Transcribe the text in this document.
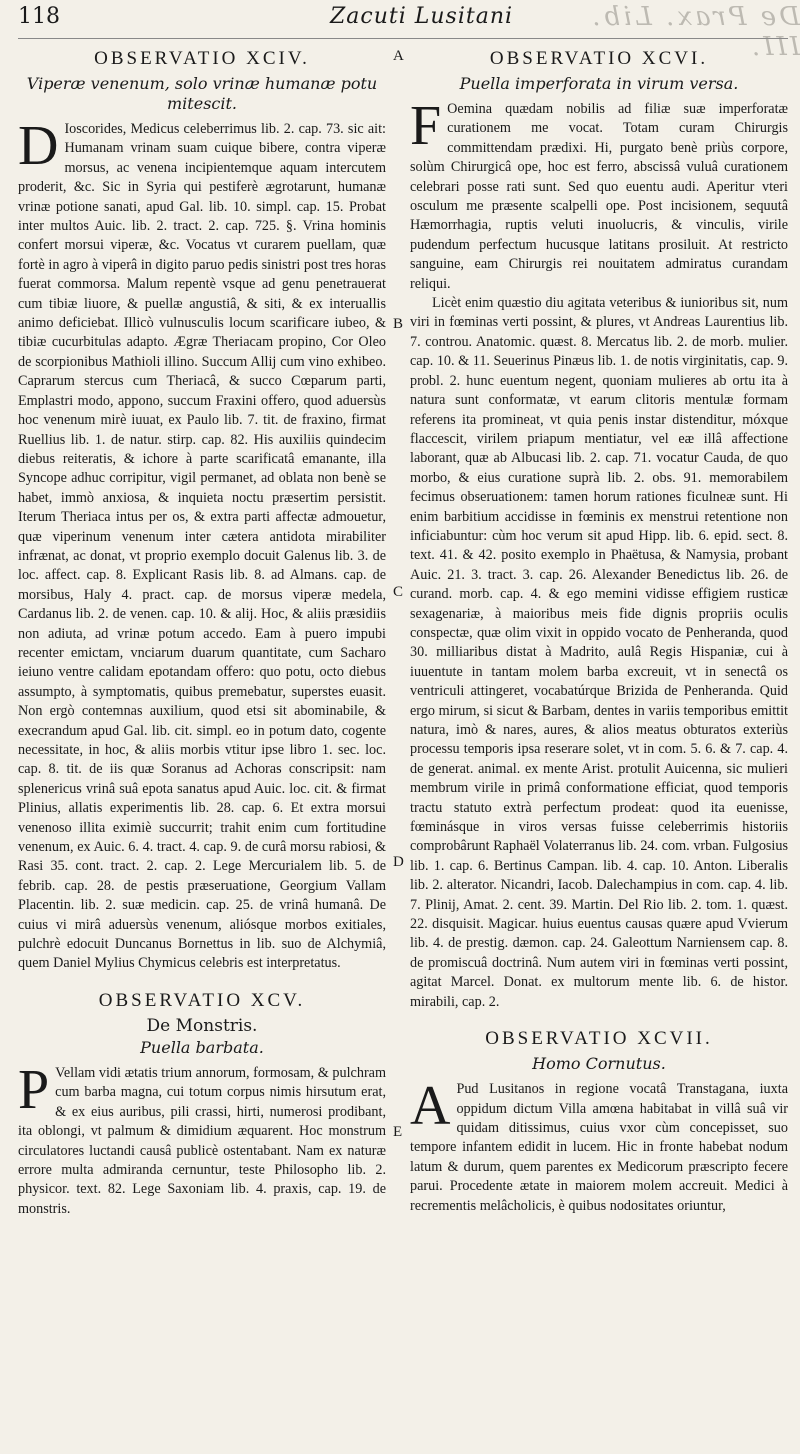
118	Zacuti Lusitani	De Prax. Lib. III.
A
B
C
D
E
OBSERVATIO XCIV.
Viperæ venenum, solo vrinæ humanæ potu mitescit.

D Ioscorides, Medicus celeberrimus lib. 2. cap. 73. sic ait: Humanam vrinam suam cuique bibere, contra viperæ morsus, ac venena incipientemque aquam intercutem proderit, &c. Sic in Syria qui pestiferè ægrotarunt, humanæ vrinæ potione sanati, apud Gal. lib. 10. simpl. cap. 15. Probat inter multos Auic. lib. 2. tract. 2. cap. 725. §. Vrina hominis confert morsui viperæ, &c. Vocatus vt curarem puellam, quæ fortè in agro à viperâ in digito paruo pedis sinistri post tres horas fuerat commorsa. Malum repentè vsque ad genu penetrauerat cum tibiæ liuore, & puellæ angustiâ, & siti, & ex interuallis animo deficiebat. Illicò vulnusculis locum scarificare iubeo, & tibiæ cucurbitulas adapto. Ægræ Theriacam propino, Cor Oleo de scorpionibus Mathioli illino. Succum Allij cum vino exhibeo. Caprarum stercus cum Theriacâ, & succo Cœparum parti, Emplastri modo, appono, succum Fraxini offero, quod aduersùs hoc venenum mirè iuuat, ex Paulo lib. 7. tit. de fraxino, firmat Ruellius lib. 1. de natur. stirp. cap. 82. His auxiliis quindecim diebus reiteratis, & ichore à parte scarificatâ emanante, illa Syncope adhuc corripitur, vigil permanet, ad oblata non benè se habet, immò anxiosa, & inquieta noctu præsertim persistit. Iterum Theriaca intus per os, & extra parti affectæ admouetur, quæ viperinum venenum inter cætera antidota mirabiliter infrænat, ac donat, vt proprio exemplo docuit Galenus lib. 3. de loc. affect. cap. 8. Explicant Rasis lib. 8. ad Almans. cap. de morsibus, Haly 4. pract. cap. de morsus viperæ medela, Cardanus lib. 2. de venen. cap. 10. & alij. Hoc, & aliis præsidiis non adiuta, ad vrinæ potum accedo. Eam à puero impubi recenter emictam, vnciarum duarum quantitate, cum Sacharo ieiuno ventre calidam epotandam offero: quo potu, octo diebus assumpto, à symptomatis, quibus premebatur, superstes euasit. Non ergò contemnas auxilium, quod etsi sit abominabile, & execrandum apud Gal. lib. cit. simpl. eo in potum dato, cogente necessitate, in hoc, & aliis morbis vtitur ipse libro 1. sec. loc. cap. 8. tit. de iis quæ Soranus ad Achoras conscripsit: nam splenericus vrinâ suâ epota sanatus apud Auic. loc. cit. & firmat Plinius, allatis experimentis lib. 28. cap. 6. Et extra morsui venenoso illita eximiè succurrit; trahit enim cum fortitudine venenum, ex Auic. 6. 4. tract. 4. cap. 9. de curâ morsu rabiosi, & Rasi 35. cont. tract. 2. cap. 2. Lege Mercurialem lib. 5. de febrib. cap. 28. de pestis præseruatione, Georgium Vallam Placentin. lib. 2. suæ medicin. cap. 25. de vrinâ humanâ. De cuius vi mirâ aduersùs venenum, aliósque morbos exitiales, pulchrè edocuit Duncanus Bornettus in lib. suo de Alchymiâ, quem Daniel Mylius Chymicus celebris est interpretatus.

OBSERVATIO XCV.
De Monstris.
Puella barbata.

P Vellam vidi ætatis trium annorum, formosam, & pulchram cum barba magna, cui totum corpus nimis hirsutum erat, & ex eius auribus, pili crassi, hirti, numerosi prodibant, ita oblongi, vt palmum & dimidium æquarent. Hoc monstrum circulatores luctandi causâ publicè ostentabant. Nam ex naturæ errore multa admiranda cernuntur, teste Philosopho lib. 2. physicor. text. 82. Lege Saxoniam lib. 4. praxis, cap. 19. de monstris.

OBSERVATIO XCVI.
Puella imperforata in virum versa.

F Oemina quædam nobilis ad filiæ suæ imperforatæ curationem me vocat. Totam curam Chirurgis committendam prædixi. Hi, purgato benè priùs corpore, solùm Chirurgicâ ope, hoc est ferro, abscissâ vuluâ curationem celebrari posse rati sunt. Sed quo euentu audi. Aperitur vteri osculum me præsente scalpelli ope. Post incisionem, sequutâ Hæmorrhagia, ruptis veluti inuolucris, & vinculis, virile pudendum perfectum hucusque latitans prosiluit. At restricto sanguine, eam Chirurgis rei nouitatem admiratus curandam reliqui.

Licèt enim quæstio diu agitata veteribus & iunioribus sit, num viri in fœminas verti possint, & plures, vt Andreas Laurentius lib. 7. controu. Anatomic. quæst. 8. Mercatus lib. 2. de morb. mulier. cap. 10. & 11. Seuerinus Pinæus lib. 1. de notis virginitatis, cap. 9. probl. 2. hunc euentum negent, quoniam mulieres ab ortu ita à natura sunt conformatæ, vt earum clitoris mentulæ formam referens ita promineat, vt quia penis instar distenditur, móxque flaccescit, virilem priapum mentiatur, vel eæ illâ affectione laborant, quæ ab Albucasi lib. 2. cap. 71. vocatur Cauda, de quo morbo, & eius curatione suprà lib. 2. obs. 91. memorabilem fecimus obseruationem: tamen horum rationes ficulneæ sunt. Hi enim barbitium accidisse in fœminis ex menstrui retentione non inficiabuntur: cùm hoc verum sit apud Hipp. lib. 6. epid. sect. 8. text. 41. & 42. posito exemplo in Phaëtusa, & Namysia, probant Auic. 21. 3. tract. 3. cap. 26. Alexander Benedictus lib. 26. de curand. morb. cap. 4. & ego memini vidisse effigiem rusticæ sexagenariæ, à maioribus meis fide dignis propriis oculis conspectæ, quæ olim vixit in oppido vocato de Penheranda, quod 30. milliaribus distat à Madrito, aulâ Regis Hispaniæ, cui à iuuentute in tantam molem barba excreuit, vt in senectâ os ventriculi attingeret, vocabatúrque Brizida de Penheranda. Quid ergo mirum, si sicut & Barbam, dentes in variis temporibus emittit natura, imò & nares, aures, & alios meatus obturatos exteriùs processu temporis ipsa reserare solet, vt in com. 5. 6. & 7. cap. 4. de generat. animal. ex mente Arist. protulit Auicenna, sic mulieri membrum virile in primâ conformatione efficiat, quod temporis tractu statuto extrà perfectum prodeat: quod ita euenisse, fœminásque in viros versas fuisse celeberrimis historiis comprobârunt Raphaël Volaterranus lib. 24. com. vrban. Fulgosius lib. 1. cap. 6. Bertinus Campan. lib. 4. cap. 10. Anton. Liberalis lib. 2. alterator. Nicandri, Iacob. Dalechampius in com. cap. 4. lib. 7. Plinij, Amat. 2. cent. 39. Martin. Del Rio lib. 2. tom. 1. quæst. 22. disquisit. Magicar. huius euentus causas quære apud Vvierum lib. 4. de prestig. dæmon. cap. 24. Galeottum Narniensem cap. 8. de promiscuâ doctrinâ. Num autem viri in fœminas verti possint, agitat Marcel. Donat. ex multorum mente lib. 6. de histor. mirabili, cap. 2.

OBSERVATIO XCVII.
Homo Cornutus.

A Pud Lusitanos in regione vocatâ Transtagana, iuxta oppidum dictum Villa amœna habitabat in villâ suâ vir quidam ditissimus, cuius vxor cùm concepisset, suo tempore infantem edidit in lucem. Hic in fronte habebat nodum latum & durum, quem parentes ex Medicorum præscripto fecere parui. Procedente ætate in maiorem molem accreuit. Medici à recrementis melâcholicis, è quibus nodositates oriuntur,
